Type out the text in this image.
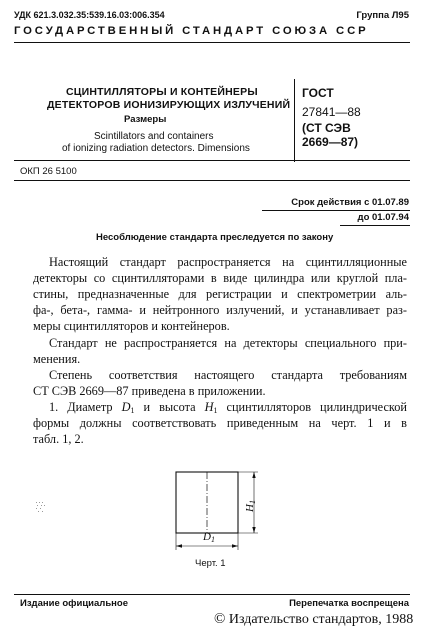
УДК 621.3.032.35:539.16.03:006.354	Группа Л95
ГОСУДАРСТВЕННЫЙ СТАНДАРТ СОЮЗА ССР
СЦИНТИЛЛЯТОРЫ И КОНТЕЙНЕРЫ
ДЕТЕКТОРОВ ИОНИЗИРУЮЩИХ ИЗЛУЧЕНИЙ
Размеры
Scintillators and containers
of ionizing radiation detectors. Dimensions
ГОСТ
27841—88
(СТ СЭВ
2669—87)
ОКП 26 5100
Срок действия с 01.07.89
до 01.07.94
Несоблюдение стандарта преследуется по закону
Настоящий стандарт распространяется на сцинтилляционные
детекторы со сцинтилляторами в виде цилиндра или круглой пла-
стины, предназначенные для регистрации и спектрометрии аль-
фа-, бета-, гамма- и нейтронного излучений, и устанавливает раз-
меры сцинтилляторов и контейнеров.
Стандарт не распространяется на детекторы специального при-
менения.
Степень соответствия настоящего стандарта требованиям
СТ СЭВ 2669—87 приведена в приложении.
1. Диаметр $D_1$ и высота $H_1$ сцинтилляторов цилиндрической
формы должны соответствовать приведенным на черт. 1 и в
табл. 1, 2.
$H_1$
$D_1$
Черт. 1
Издание официальное	Перепечатка воспрещена
© Издательство стандартов, 1988
